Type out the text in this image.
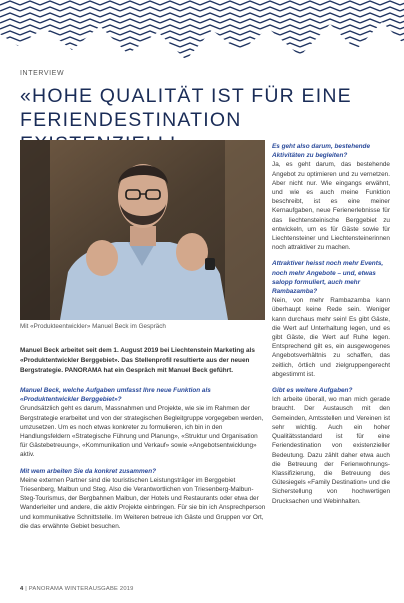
INTERVIEW
«HOHE QUALITÄT IST FÜR EINE FERIENDESTINATION
Mit «Produkteentwickler» Manuel Beck im Gespräch

Manuel Beck arbeitet seit dem 1. August 2019 bei Liechtenstein Marketing als «Produktentwickler Berggebiet». Das Stellenprofil resultierte aus der neuen Bergstrategie. PANORAMA hat ein Gespräch mit Manuel Beck geführt.

Manuel Beck, welche Aufgaben umfasst Ihre neue Funktion als «Produktentwickler Berggebiet»?

Grundsätzlich geht es darum, Massnahmen und Projekte, wie sie im Rahmen der Bergstrategie erarbeitet und von der strategischen Begleitgruppe vorgegeben werden, umzusetzen. Um es noch etwas konkreter zu formulieren, ich bin in den Handlungsfeldern «Strategische Führung und Planung», «Struktur und Organisation für Gästebetreuung», «Kommunikation und Verkauf» sowie «Angebotsentwicklung» aktiv.

Mit wem arbeiten Sie da konkret zusammen?

Meine externen Partner sind die touristischen Leistungsträger im Berggebiet Triesenberg, Malbun und Steg. Also die Verantwortlichen von Triesenberg-Malbun-Steg-Tourismus, der Bergbahnen Malbun, der Hotels und Restaurants oder etwa der Wanderleiter und andere, die aktiv Projekte einbringen. Für sie bin ich Ansprechperson und kommunikative Schnittstelle. Im Weiteren betreue ich Gäste und Gruppen vor Ort, die das erwähnte Gebiet besuchen.

Es geht also darum, bestehende Aktivitäten zu begleiten?

Ja, es geht darum, das bestehende Angebot zu optimieren und zu vernetzen. Aber nicht nur. Wie eingangs erwähnt, und wie es auch meine Funktion beschreibt, ist es eine meiner Kernaufgaben, neue Ferienerlebnisse für das liechtensteinische Berggebiet zu entwickeln, um es für Gäste sowie für Liechtensteiner und Liechtensteinerinnen noch attraktiver zu machen.

Attraktiver heisst noch mehr Events, noch mehr Angebote – und, etwas salopp formuliert, auch mehr Rambazamba?

Nein, von mehr Rambazamba kann überhaupt keine Rede sein. Weniger kann durchaus mehr sein! Es gibt Gäste, die Wert auf Unterhaltung legen, und es gibt Gäste, die Wert auf Ruhe legen. Entsprechend gilt es, ein ausgewogenes Angebotsverhältnis zu schaffen, das zeitlich, örtlich und zielgruppengerecht abgestimmt ist.

Gibt es weitere Aufgaben?

Ich arbeite überall, wo man mich gerade braucht. Der Austausch mit den Gemeinden, Amtsstellen und Vereinen ist sehr wichtig. Auch ein hoher Qualitätsstandard ist für eine Feriendestination von existenzieller Bedeutung. Dazu zählt daher etwa auch die Betreuung der Ferienwohnungs-Klassifizierung, die Betreuung des Gütesiegels «Family Destination» und die Sicherstellung von hochwertigen Drucksachen und Webinhalten.

4 | PANORAMA WINTERAUSGABE 2019
